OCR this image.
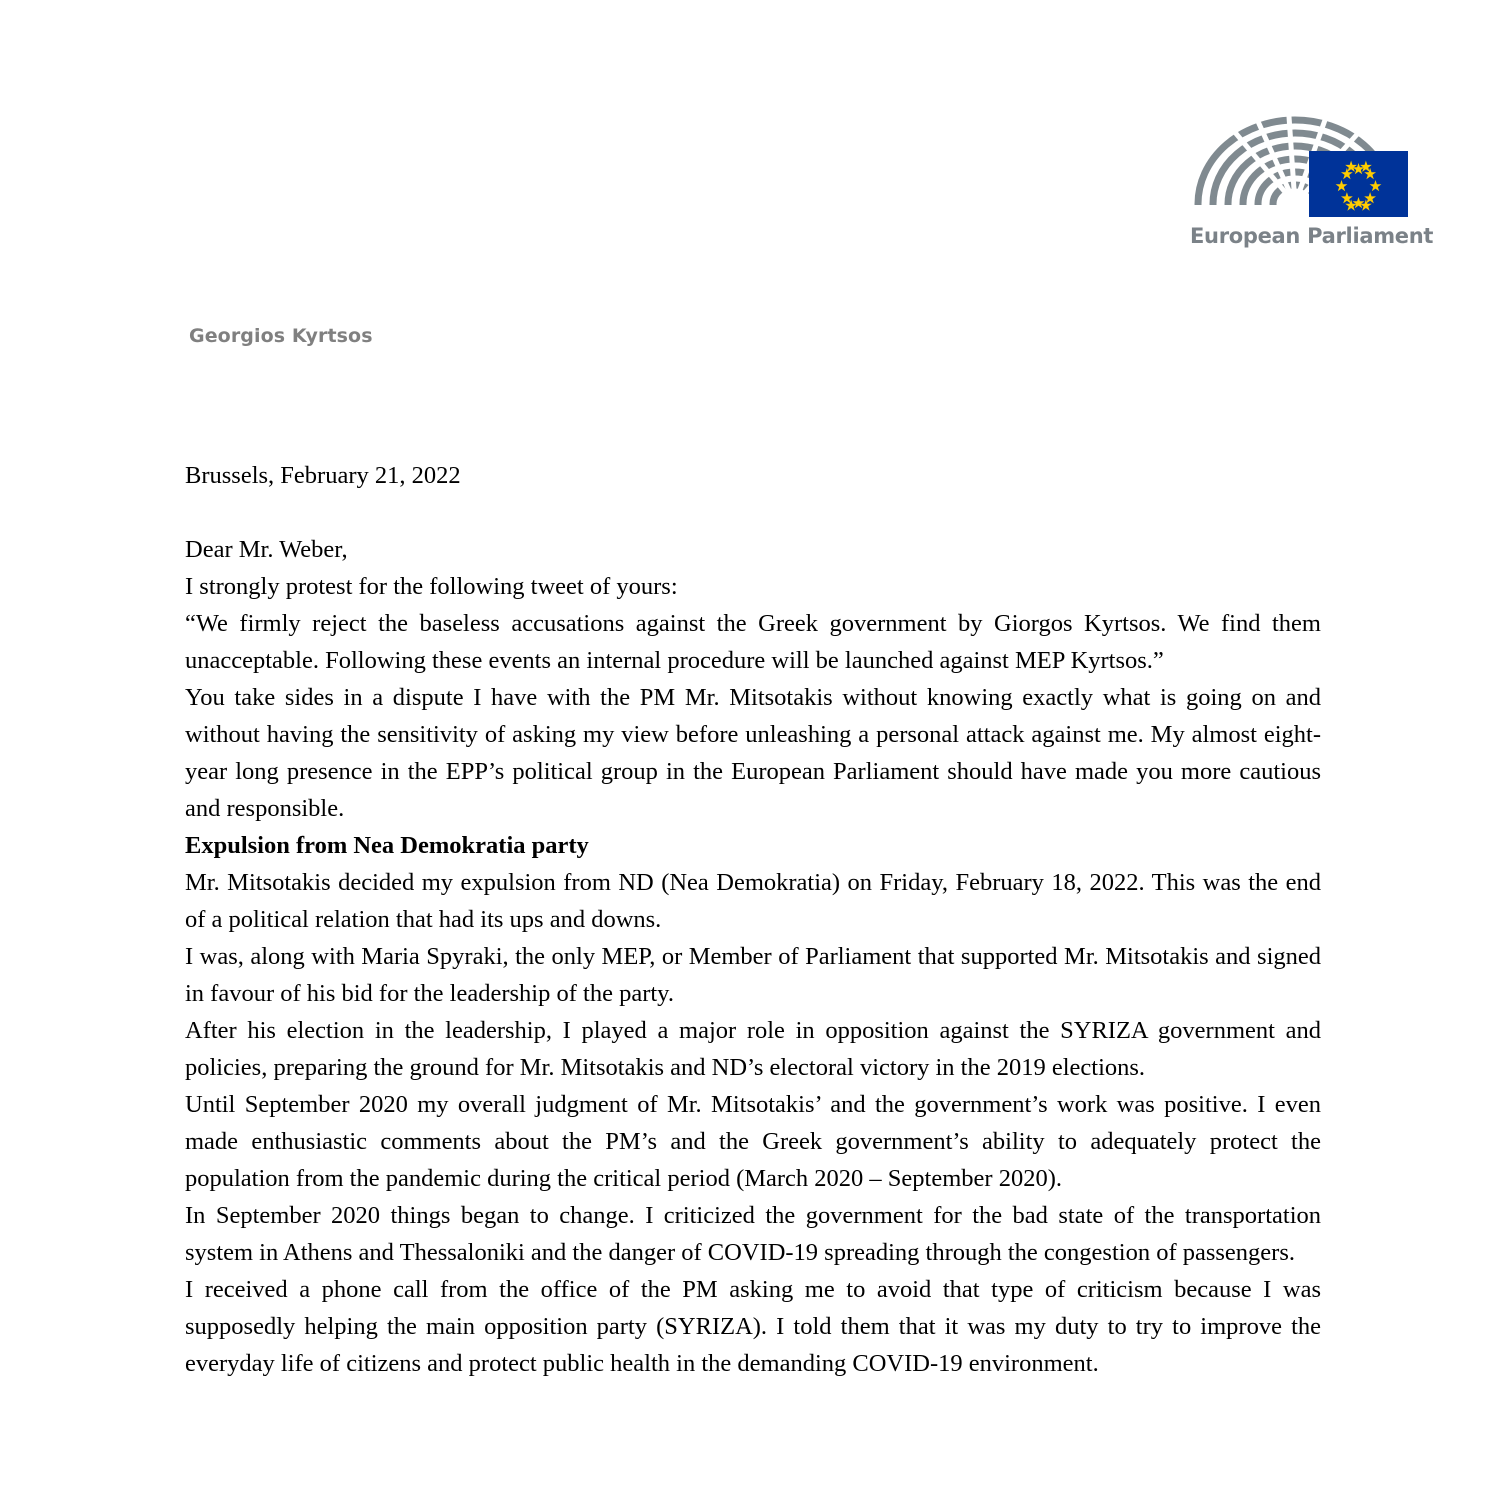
European Parliament
Georgios Kyrtsos

Brussels, February 21, 2022

Dear Mr. Weber,

I strongly protest for the following tweet of yours:

“We firmly reject the baseless accusations against the Greek government by Giorgos Kyrtsos. We find them unacceptable. Following these events an internal procedure will be launched against MEP Kyrtsos.”

You take sides in a dispute I have with the PM Mr. Mitsotakis without knowing exactly what is going on and without having the sensitivity of asking my view before unleashing a personal attack against me. My almost eight-year long presence in the EPP’s political group in the European Parliament should have made you more cautious and responsible.

Expulsion from Nea Demokratia party

Mr. Mitsotakis decided my expulsion from ND (Nea Demokratia) on Friday, February 18, 2022. This was the end of a political relation that had its ups and downs.

I was, along with Maria Spyraki, the only MEP, or Member of Parliament that supported Mr. Mitsotakis and signed in favour of his bid for the leadership of the party.

After his election in the leadership, I played a major role in opposition against the SYRIZA government and policies, preparing the ground for Mr. Mitsotakis and ND’s electoral victory in the 2019 elections.

Until September 2020 my overall judgment of Mr. Mitsotakis’ and the government’s work was positive. I even made enthusiastic comments about the PM’s and the Greek government’s ability to adequately protect the population from the pandemic during the critical period (March 2020 – September 2020).

In September 2020 things began to change. I criticized the government for the bad state of the transportation system in Athens and Thessaloniki and the danger of COVID-19 spreading through the congestion of passengers.

I received a phone call from the office of the PM asking me to avoid that type of criticism because I was supposedly helping the main opposition party (SYRIZA). I told them that it was my duty to try to improve the everyday life of citizens and protect public health in the demanding COVID-19 environment.
